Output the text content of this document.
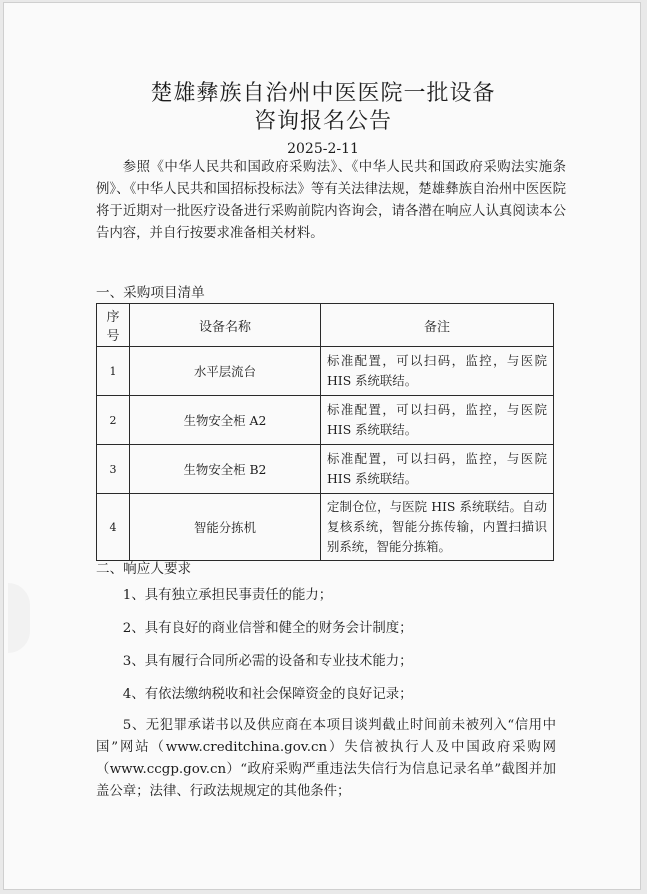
楚雄彝族自治州中医医院一批设备
咨询报名公告
2025-2-11
参照《中华人民共和国政府采购法》、《中华人民共和国政府采购法实施条例》、《中华人民共和国招标投标法》等有关法律法规，楚雄彝族自治州中医医院将于近期对一批医疗设备进行采购前院内咨询会，请各潜在响应人认真阅读本公告内容，并自行按要求准备相关材料。
一、采购项目清单
序号	设备名称	备注
1	水平层流台	标准配置，可以扫码，监控，与医院 HIS 系统联结。
2	生物安全柜 A2	标准配置，可以扫码，监控，与医院 HIS 系统联结。
3	生物安全柜 B2	标准配置，可以扫码，监控，与医院 HIS 系统联结。
4	智能分拣机	定制仓位，与医院 HIS 系统联结。自动复核系统，智能分拣传输，内置扫描识别系统，智能分拣箱。
二、响应人要求
1、具有独立承担民事责任的能力；
2、具有良好的商业信誉和健全的财务会计制度；
3、具有履行合同所必需的设备和专业技术能力；
4、有依法缴纳税收和社会保障资金的良好记录；
5、无犯罪承诺书以及供应商在本项目谈判截止时间前未被列入“信用中国”网站（www.creditchina.gov.cn）失信被执行人及中国政府采购网（www.ccgp.gov.cn）“政府采购严重违法失信行为信息记录名单”截图并加盖公章；法律、行政法规规定的其他条件；
